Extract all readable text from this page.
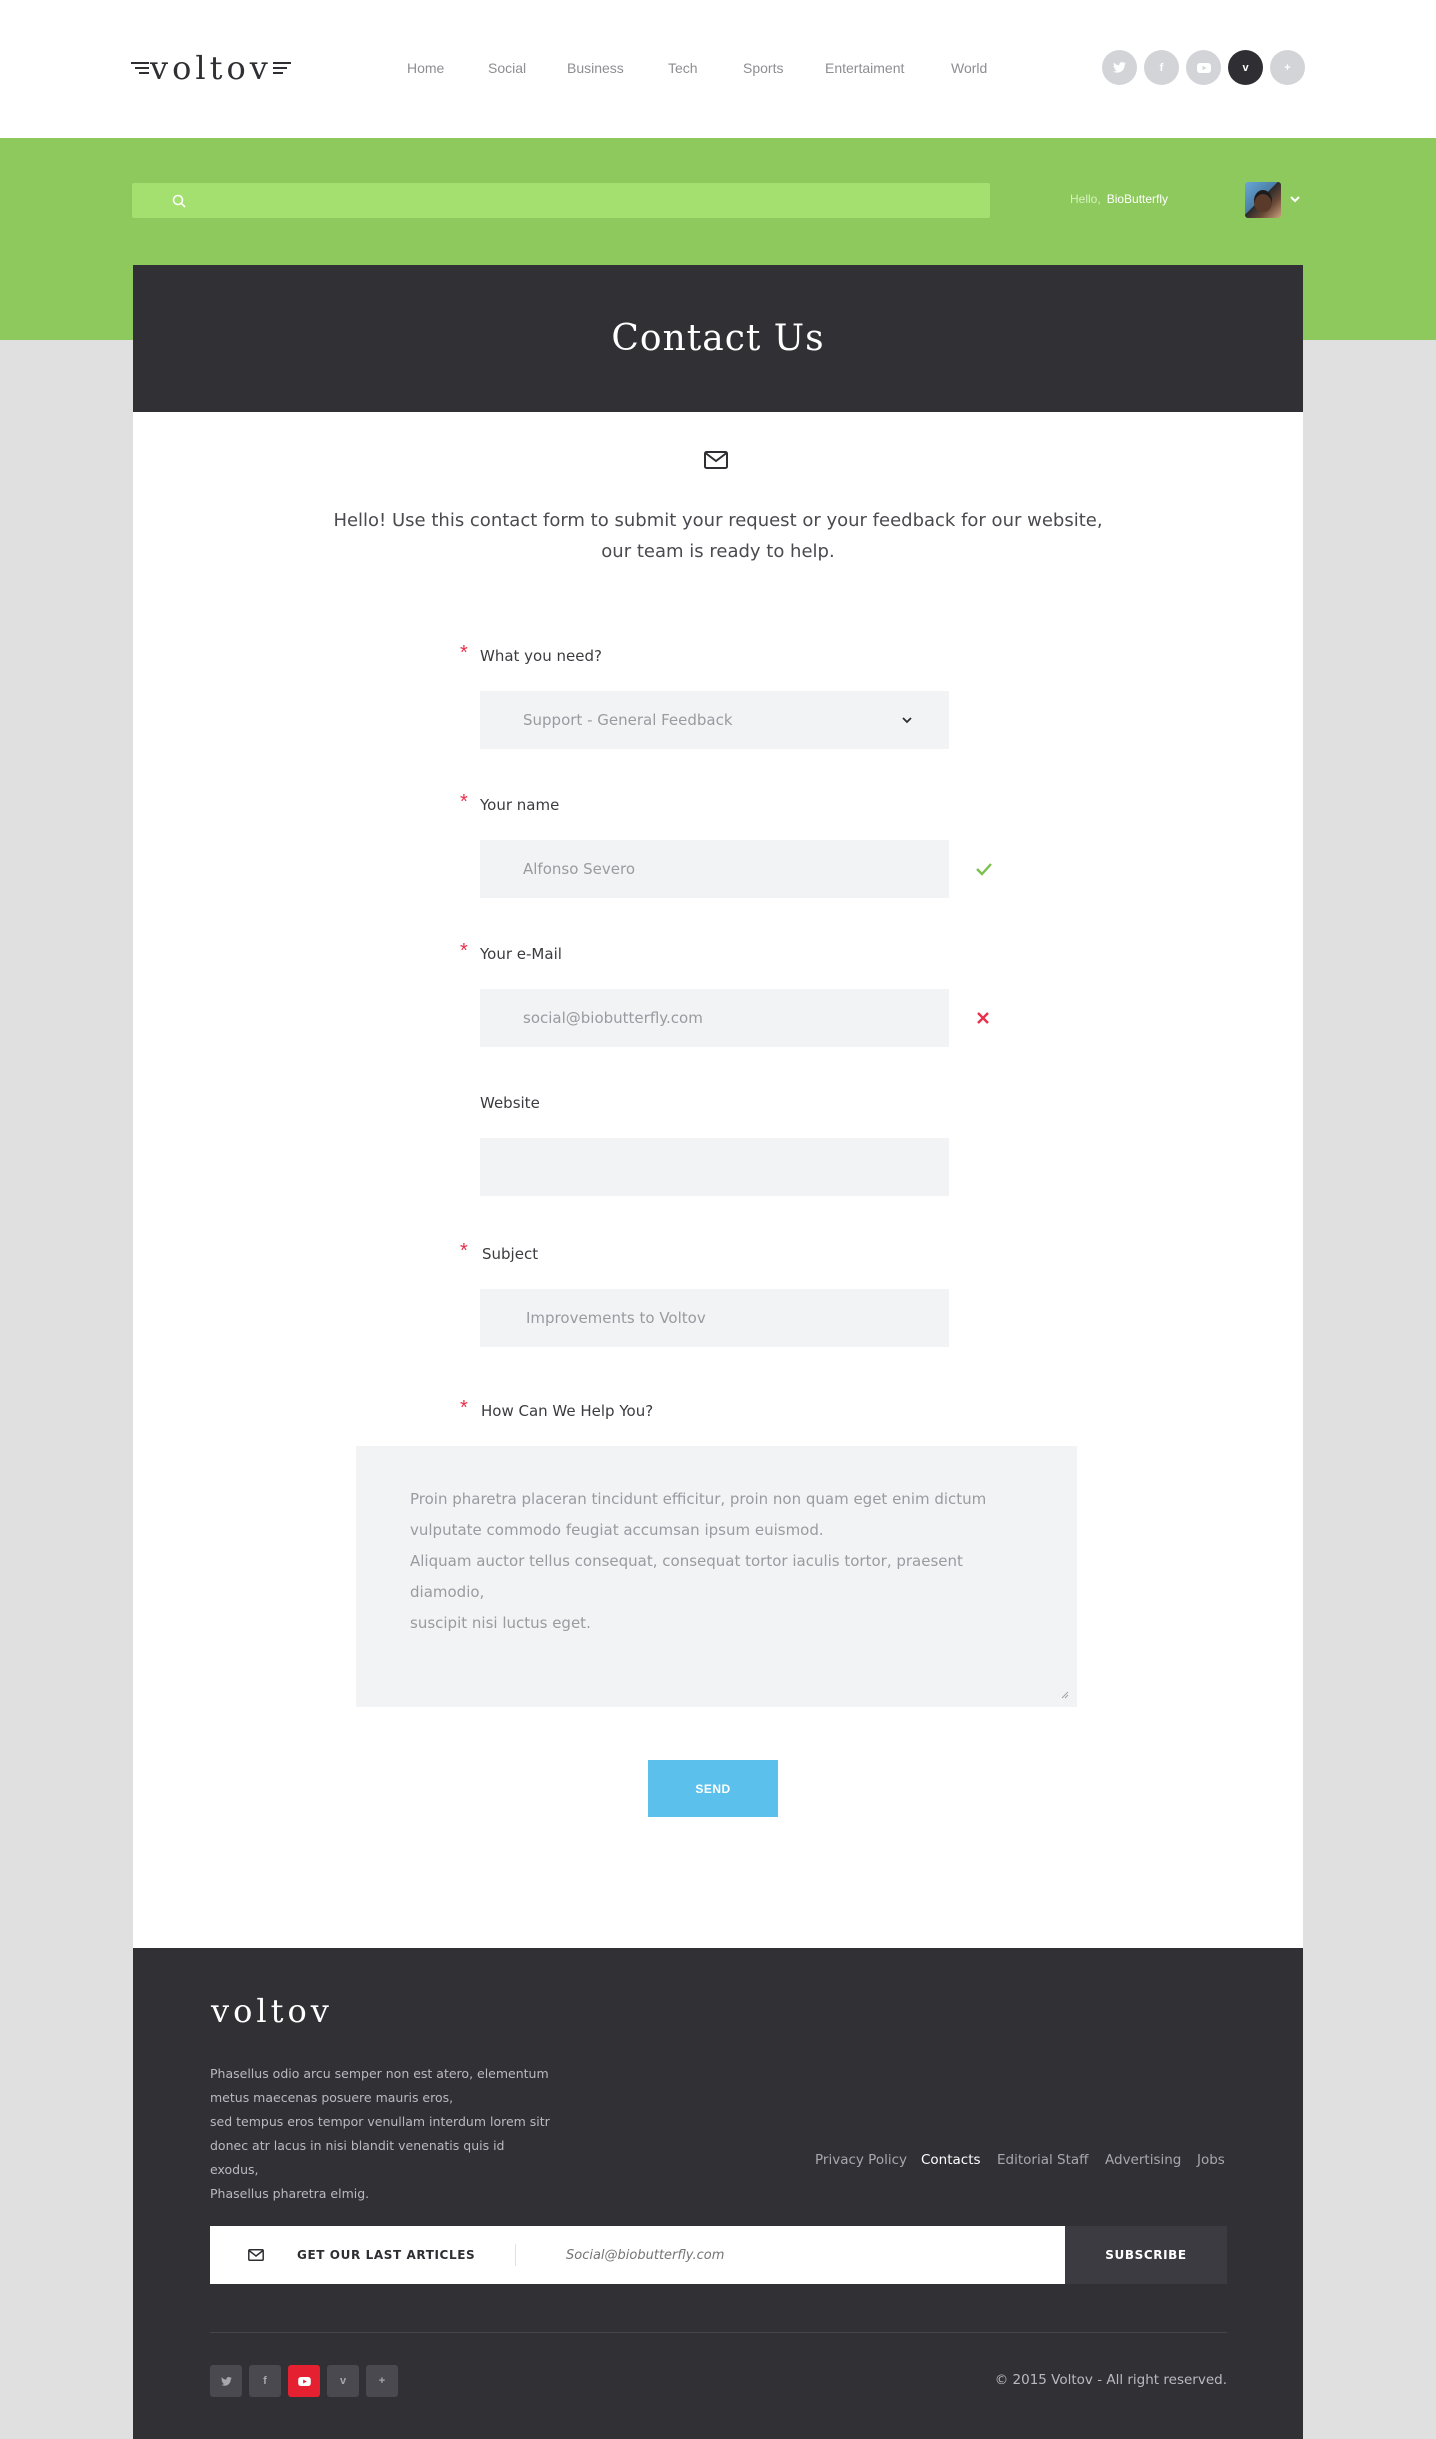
voltov	Home	Social	Business	Tech	Sports	Entertaiment	World	f	v	+
Hello, BioButterfly
Contact Us
Hello! Use this contact form to submit your request or your feedback for our website,
our team is ready to help.
* What you need?
Support - General Feedback
* Your name
Alfonso Severo
* Your e-Mail
social@biobutterfly.com
Website
* Subject
Improvements to Voltov
* How Can We Help You?
Proin pharetra placeran tincidunt efficitur, proin non quam eget enim dictum
vulputate commodo feugiat accumsan ipsum euismod.
Aliquam auctor tellus consequat, consequat tortor iaculis tortor, praesent diamodio,
suscipit nisi luctus eget.
SEND
voltov
Phasellus odio arcu semper non est atero, elementum
metus maecenas posuere mauris eros,
sed tempus eros tempor venullam interdum lorem sitr
donec atr lacus in nisi blandit venenatis quis id exodus,
Phasellus pharetra elmig.
Privacy Policy Contacts Editorial Staff Advertising Jobs
GET OUR LAST ARTICLES
Social@biobutterfly.com	SUBSCRIBE
f	v	+	© 2015 Voltov - All right reserved.
